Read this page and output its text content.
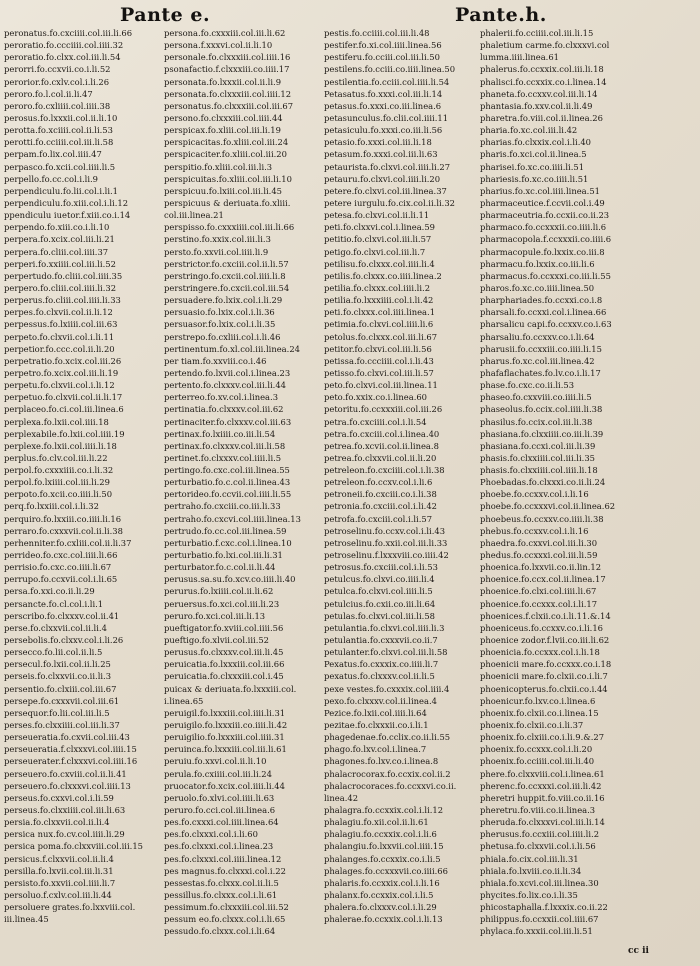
Pante e.	Pante.h.
peronatus.fo.cxciiii.col.iii.li.66
peroratio.fo.ccciiii.col.iiii.32
peroratio.fo.clxx.col.iii.li.54
perorri.fo.ccxvii.co.i.li.52
perorior.fo.cxlv.col.i.li.26
peroro.fo.l.col.ii.li.47
peroro.fo.cxliiii.col.iiii.38
perosus.fo.lxxxii.col.ii.li.10
perotta.fo.xciiii.col.ii.li.53
perotti.fo.cciiii.col.iii.li.58
perpam.fo.lix.col.iiii.47
perpasco.fo.xcii.col.iiii.li.5
perpello.fo.cc.col.i.li.9
perpendiculu.fo.lii.col.i.li.1
perpendiculu.fo.xiii.col.i.li.12
ppendiculu iuetor.f.xiii.co.i.14
perpendo.fo.xiii.co.i.li.10
perpera.fo.xcix.col.iii.li.21
perpera.fo.cliii.col.iiii.37
perperi.fo.xxiiii.col.iii.li.52
perpertudo.fo.cliii.col.iiii.35
perpero.fo.cliii.col.iiii.li.32
perperus.fo.cliii.col.iiii.li.33
perpes.fo.clxvii.col.ii.li.12
perpessus.fo.lxiiii.col.iii.63
perpeto.fo.clxvii.col.i.li.11
perpetior.fo.ccc.col.ii.li.20
perpetratio.fo.xcix.col.iii.26
perpetro.fo.xcix.col.iii.li.19
perpetu.fo.clxvii.col.i.li.12
perpetuo.fo.clxvii.col.ii.li.17
perplaceo.fo.ci.col.iii.linea.6
perplexa.fo.lxii.col.iiii.18
perplexabile.fo.lxii.col.iiii.19
perplexe.fo.lxii.col.iiii.li.18
perplus.fo.clv.col.iii.li.22
perpol.fo.cxxxiiii.co.i.li.32
perpol.fo.lxiiii.col.iii.li.29
perpoto.fo.xcii.co.iiii.li.50
perq.fo.lxxiii.col.i.li.32
perquiro.fo.lxxiii.co.iiii.li.16
perraro.fo.cxxxvii.col.ii.li.38
perhenniter.fo.cxliii.col.ii.li.37
perrideo.fo.cxc.col.iiii.li.66
perrisio.fo.cxc.co.iiii.li.67
perrupo.fo.ccxvii.col.i.li.65
persa.fo.xxi.co.ii.li.29
persancte.fo.cl.col.i.li.1
perscribo.fo.clxxxv.col.ii.41
perse.fo.clxxvii.col.ii.li.4
persebolis.fo.clxxv.col.i.li.26
persecco.fo.lii.col.ii.li.5
persecul.fo.lxii.col.ii.li.25
perseis.fo.clxxvii.co.ii.li.3
persentio.fo.clxiii.col.iii.67
persepe.fo.cxxxvii.col.iii.61
persequor.fo.lii.col.iii.li.5
perses.fo.clxxiiii.col.iii.li.37
perseueratia.fo.cxvii.col.iii.43
perseueratia.f.clxxxvi.col.iiii.15
perseuerater.f.clxxxvi.col.iiii.16
perseuero.fo.cxviii.col.ii.li.41
perseuero.fo.clxxxvi.col.iiii.13
perseus.fo.cxxvi.col.i.li.59
perseus.fo.clxxiiii.col.iii.li.63
persia.fo.clxxvii.col.ii.li.4
persica nux.fo.cv.col.iiii.li.29
persica poma.fo.clxxviii.col.iii.15
persicus.f.clxxvii.col.ii.li.4
persilla.fo.lxvii.col.iii.li.31
persisto.fo.xxvii.col.iiii.li.7
persoluo.f.cxlv.col.iii.li.44
persoluere grates.fo.lxxviii.col.
iii.linea.45
persona.fo.cxxxiii.col.iii.li.62
persona.f.xxxvi.col.ii.li.10
personale.fo.clxxxiii.col.iiii.16
psonafactio.f.clxxxiii.co.iiii.17
personata.fo.lxxxii.col.ii.li.9
personata.fo.clxxxiii.col.iiii.12
personatus.fo.clxxxiii.col.iii.67
persono.fo.clxxxiii.col.iiii.44
perspicax.fo.xliii.col.iii.li.19
perspicacitas.fo.xliii.col.iii.24
perspicaciter.fo.xliii.col.iii.20
perspitio.fo.xliii.col.iii.li.3
perspicuitas.fo.xliii.col.iii.li.10
perspicuu.fo.lxiii.col.iii.li.45
perspicuus & deriuata.fo.xliii.
col.iii.linea.21
perspisso.fo.cxxxiiii.col.iii.li.66
perstino.fo.xxix.col.iii.li.3
persto.fo.xxvii.col.iiii.li.9
perstrictor.fo.cxciii.col.ii.li.57
perstringo.fo.cxcii.col.iiii.li.8
perstringere.fo.cxcii.col.iii.54
persuadere.fo.lxix.col.i.li.29
persuasio.fo.lxix.col.i.li.36
persuasor.fo.lxix.col.i.li.35
perstrepo.fo.cxliii.col.i.li.46
pertinentum.fo.xl.col.iii.linea.24
per tiam.fo.xxviii.co.i.46
pertendo.fo.lxvii.col.i.linea.23
pertento.fo.clxxxv.col.iii.li.44
perterreo.fo.xv.col.i.linea.3
pertinatia.fo.clxxxv.col.iii.62
pertinaciter.fo.clxxxv.col.iii.63
pertinax.fo.lxiiii.co.iii.li.54
pertinax.fo.clxxxv.col.iii.li.58
pertinet.fo.clxxxv.col.iiii.li.5
pertingo.fo.cxc.col.iii.linea.55
perturbatio.fo.c.col.ii.linea.43
pertorideo.fo.ccvii.col.iiii.li.55
pertraho.fo.cxciii.co.iii.li.33
pertraho.fo.cxcvi.col.iiii.linea.13
pertrudo.fo.cc.col.iii.linea.59
perturbatio.f.cxc.col.i.linea.10
perturbatio.fo.lxi.col.iii.li.31
perturbator.fo.c.col.ii.li.44
perusus.sa.su.fo.xcv.co.iiii.li.40
perurus.fo.lxiiii.col.ii.li.62
peruersus.fo.xci.col.iii.li.23
peruro.fo.xci.col.iii.li.13
pueftigator.fo.xviii.col.iiii.56
pueftigo.fo.xlvii.col.iii.52
perusus.fo.clxxxv.col.iii.li.45
peruicatia.fo.lxxxiii.col.iii.66
peruicatia.fo.clxxxiii.col.i.45
puicax & deriuata.fo.lxxxiii.col.
i.linea.65
peruigil.fo.lxxxiii.col.iiii.li.31
peruigilo.fo.lxxxiii.co.iiii.li.42
peruigilio.fo.lxxxiii.col.iiii.31
peruinca.fo.lxxxiii.col.iii.li.61
peruiu.fo.xxvi.col.ii.li.10
perula.fo.cxiiii.col.iii.li.24
pruocator.fo.xcix.col.iiii.li.44
peruolo.fo.xlvi.col.iiii.li.63
peruro.fo.cci.col.iii.linea.6
pes.fo.cxxxi.col.iiii.linea.64
pes.fo.clxxxi.col.i.li.60
pes.fo.clxxxi.col.i.linea.23
pes.fo.clxxxi.col.iiii.linea.12
pes magnus.fo.clxxxi.col.i.22
pessestas.fo.clxxx.col.ii.li.5
pessillus.fo.clxxx.col.i.li.61
pessimum.fo.clxxxiii.col.iii.52
pessum eo.fo.clxxx.col.i.li.65
pessudo.fo.clxxx.col.i.li.64
pestis.fo.cciiii.col.iii.li.48
pestifer.fo.xi.col.iiii.linea.56
pestiferu.fo.cciii.col.iii.li.50
pestilens.fo.cciii.co.iiii.linea.50
pestilentia.fo.cciii.col.iiii.li.54
Petasatus.fo.xxxi.col.iii.li.14
petasus.fo.xxxi.co.iii.linea.6
petasunculus.fo.clii.col.iiii.11
petasiculu.fo.xxxi.co.iii.li.56
petasio.fo.xxxi.col.iii.li.18
petasum.fo.xxxi.col.iii.li.63
petaurista.fo.clxvi.col.iiii.li.27
petauru.fo.clxvi.col.iiii.li.20
petere.fo.clxvi.col.iii.linea.37
petere iurgulu.fo.cix.col.ii.li.32
petesa.fo.clxvi.col.ii.li.11
peti.fo.clxxvi.col.i.linea.59
petitio.fo.clxvi.col.iii.li.57
petigo.fo.clxvi.col.iii.li.7
petilisu.fo.clxxx.col.iiii.li.4
petilis.fo.clxxx.co.iiii.linea.2
petilia.fo.clxxx.col.iiii.li.2
petilia.fo.lxxxiiii.col.i.li.42
peti.fo.clxxx.col.iiii.linea.1
petimia.fo.clxvi.col.iiii.li.6
petolus.fo.clxxx.col.iii.li.67
petitor.fo.clxvi.col.iii.li.56
petissa.fo.ccciiii.col.i.li.43
petisso.fo.clxvi.col.iii.li.57
peto.fo.clxvi.col.iii.linea.11
peto.fo.xxix.co.i.linea.60
petoritu.fo.ccxxxiii.col.iii.26
petra.fo.cxciiii.col.i.li.54
petra.fo.cxciii.col.i.linea.40
petrea.fo.xcvii.col.ii.linea.8
petrea.fo.clxxvii.col.ii.li.20
petreleon.fo.cxciiii.col.i.li.38
petreleon.fo.ccxv.col.i.li.6
petroneii.fo.cxciii.co.i.li.38
petronia.fo.cxciii.col.i.li.42
petrofa.fo.cxciii.col.i.li.57
petroselinu.fo.ccxv.col.i.li.43
petroselinu.fo.xxii.col.iii.li.33
petroselinu.f.lxxxviii.co.iiii.42
petrosus.fo.cxciii.col.i.li.53
petulcus.fo.clxvi.co.iiii.li.4
petulca.fo.clxvi.col.iiii.li.5
petulcius.fo.cxii.co.iii.li.64
petulas.fo.clxvi.col.iii.li.58
petulantia.fo.clxvi.col.iiii.li.3
petulantia.fo.cxxxvii.co.ii.7
petulanter.fo.clxvi.col.iii.li.58
Pexatus.fo.cxxxix.co.iiii.li.7
pexatus.fo.clxxxv.col.ii.li.5
pexe vestes.fo.cxxxix.col.iiii.4
pexo.fo.clxxxv.col.ii.linea.4
Pezice.fo.lxii.col.iiii.li.64
pezitae.fo.clxxxii.co.i.li.1
phagedenae.fo.cclix.co.ii.li.55
phago.fo.lxv.col.i.linea.7
phagones.fo.lxv.co.i.linea.8
phalacrocorax.fo.ccxix.col.ii.2
phalacrocoraces.fo.ccxxvi.co.ii.
linea.42
phalagra.fo.ccxxix.col.i.li.12
phalagiu.fo.xii.col.ii.li.61
phalagiu.fo.ccxxix.col.i.li.6
phalangiu.fo.lxxvii.col.iiii.15
phalanges.fo.ccxxix.co.i.li.5
phalages.fo.ccxxxvii.co.iiii.66
phalaris.fo.ccxxix.col.i.li.16
phalanx.fo.ccxxix.col.i.li.5
phalera.fo.clxxxv.col.i.li.29
phalerae.fo.ccxxix.col.i.li.13
phalerii.fo.cciiii.col.iii.li.15
phaletium carme.fo.clxxxvi.col
lumma.iiii.linea.61
phalerus.fo.ccxxix.col.iii.li.18
phalisci.fo.ccxxix.co.i.linea.14
phaneta.fo.ccxxv.col.iii.li.14
phantasia.fo.xxv.col.ii.li.49
pharetra.fo.viii.col.ii.linea.26
pharia.fo.xc.col.iii.li.42
pharias.fo.clxxix.col.i.li.40
pharis.fo.xci.col.ii.linea.5
pharisei.fo.xc.co.iiii.li.51
phariesis.fo.xc.co.iiii.li.51
pharius.fo.xc.col.iiii.linea.51
pharmaceutice.f.ccvii.col.i.49
pharmaceutria.fo.ccxii.co.ii.23
pharmaco.fo.ccxxxii.co.iiii.li.6
pharmacopola.f.ccxxxii.co.iiii.6
pharmacopule.fo.lxxix.co.iii.8
pharmacu.fo.lxxix.co.iii.li.6
pharmacus.fo.ccxxxi.co.iii.li.55
pharos.fo.xc.co.iiii.linea.50
pharphariades.fo.ccxxi.co.i.8
pharsali.fo.ccxxi.col.i.linea.66
pharsalicu capi.fo.ccxxv.co.i.63
pharsaliu.fo.ccxxv.co.i.li.64
pharusii.fo.ccxxiii.co.iiii.li.15
pharus.fo.xc.col.iii.linea.42
phafaflachates.fo.lv.co.i.li.17
phase.fo.cxc.co.ii.li.53
phaseo.fo.cxxviii.co.iiii.li.5
phaseolus.fo.ccix.col.iiii.li.38
phasilus.fo.ccix.col.iii.li.38
phasiana.fo.clxxiiii.co.iii.li.39
phasiana.fo.ccxi.col.iii.li.39
phasis.fo.clxxiiii.col.iii.li.35
phasis.fo.clxxiiii.col.iiii.li.18
Phoebadas.fo.clxxxi.co.ii.li.24
phoebe.fo.ccxxv.col.i.li.16
phoebe.fo.ccxxxvi.col.ii.linea.62
phoebeus.fo.ccxxv.co.iiii.li.38
phebus.fo.ccxxv.col.i.li.16
phaedra.fo.cxxvi.col.iii.li.30
phedus.fo.ccxxxi.col.iii.li.59
phoenica.fo.lxxvii.co.ii.lin.12
phoenice.fo.ccx.col.ii.linea.17
phoenice.fo.clxi.col.iiii.li.67
phoenice.fo.ccxxx.col.i.li.17
phoenices.f.clxii.co.i.li.11.&.14
phoeniceus.fo.ccxxv.co.i.li.16
phoenice zodor.f.lvii.co.iii.li.62
phoenicia.fo.ccxxx.col.i.li.18
phoenicii mare.fo.ccxxx.co.i.18
phoenicii mare.fo.clxii.co.i.li.7
phoenicopterus.fo.clxii.co.i.44
phoenicur.fo.lxv.co.i.linea.6
phoenix.fo.clxii.co.i.linea.15
phoenix.fo.clxii.co.i.li.37
phoenix.fo.clxiii.co.i.li.9.&.27
phoenix.fo.ccxxx.col.i.li.20
phoenix.fo.cciiii.col.iii.li.40
phere.fo.clxxviii.col.i.linea.61
pherenc.fo.ccxxxi.col.iii.li.42
pheretri huppit.fo.viii.co.ii.16
pheretru.fo.viii.co.ii.linea.3
pheruda.fo.clxxxvi.col.iii.li.14
pherusus.fo.ccxiii.col.iiii.li.2
phetusa.fo.clxxvii.col.i.li.56
phiala.fo.cix.col.iii.li.31
phiala.fo.lxviii.co.ii.li.34
phiala.fo.xcvi.col.iii.linea.30
phycites.fo.lix.co.i.li.35
phicostaphalla.f.lxxxix.co.ii.22
philippus.fo.ccxxii.col.iiii.67
phylaca.fo.xxxii.col.iii.li.51
cc ii
